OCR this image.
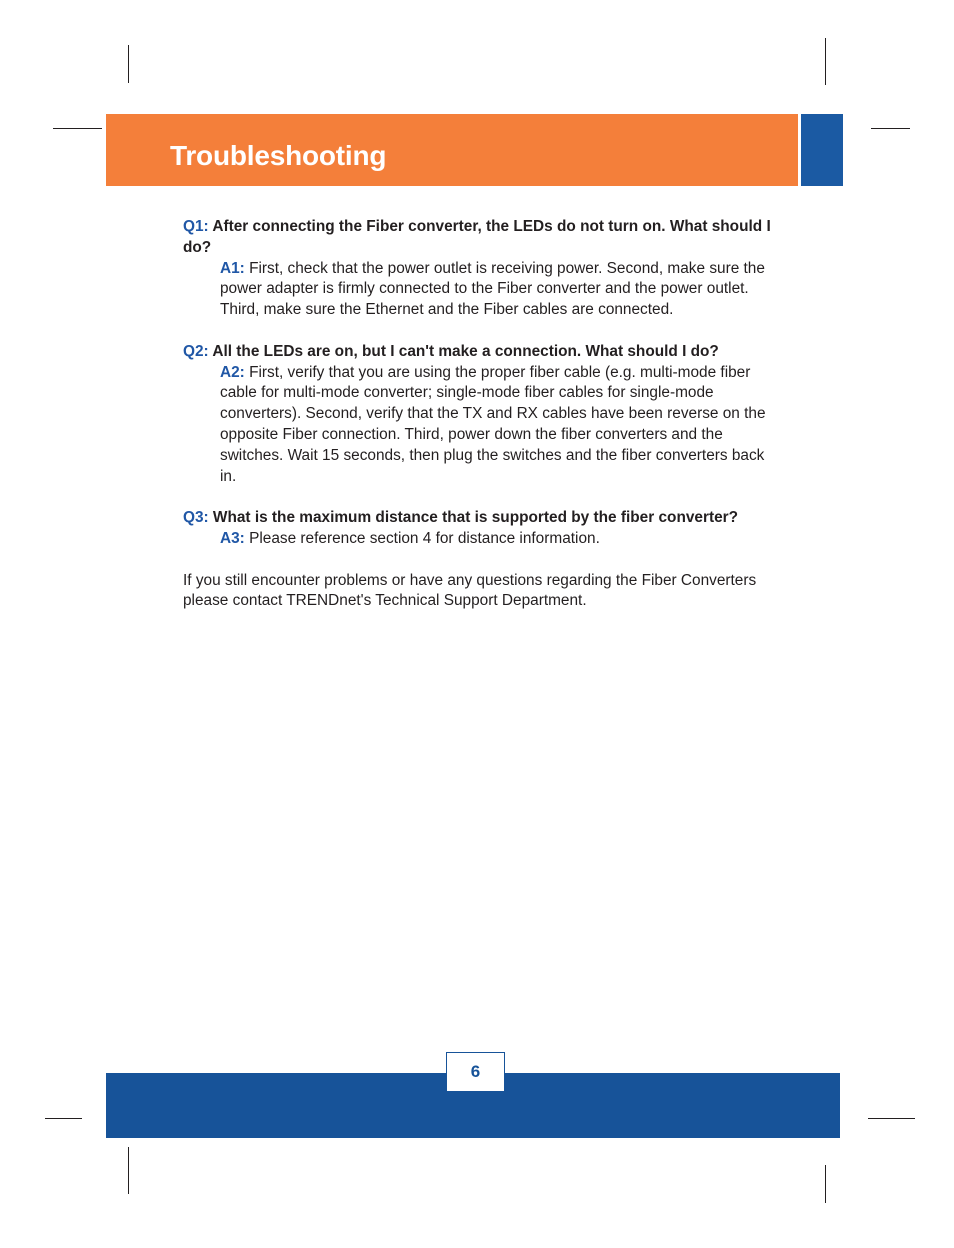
Troubleshooting
Q1: After connecting the Fiber converter, the LEDs do not turn on. What should I do?
A1: First, check that the power outlet is receiving power. Second, make sure the power adapter is firmly connected to the Fiber converter and the power outlet. Third, make sure the Ethernet and the Fiber cables are connected.
Q2: All the LEDs are on, but I can't make a connection. What should I do?
A2: First, verify that you are using the proper fiber cable (e.g. multi-mode fiber cable for multi-mode converter; single-mode fiber cables for single-mode converters). Second, verify that the TX and RX cables have been reverse on the opposite Fiber connection. Third, power down the fiber converters and the switches. Wait 15 seconds, then plug the switches and the fiber converters back in.
Q3: What is the maximum distance that is supported by the fiber converter?
A3: Please reference section 4 for distance information.
If you still encounter problems or have any questions regarding the Fiber Converters please contact TRENDnet's Technical Support Department.
6
